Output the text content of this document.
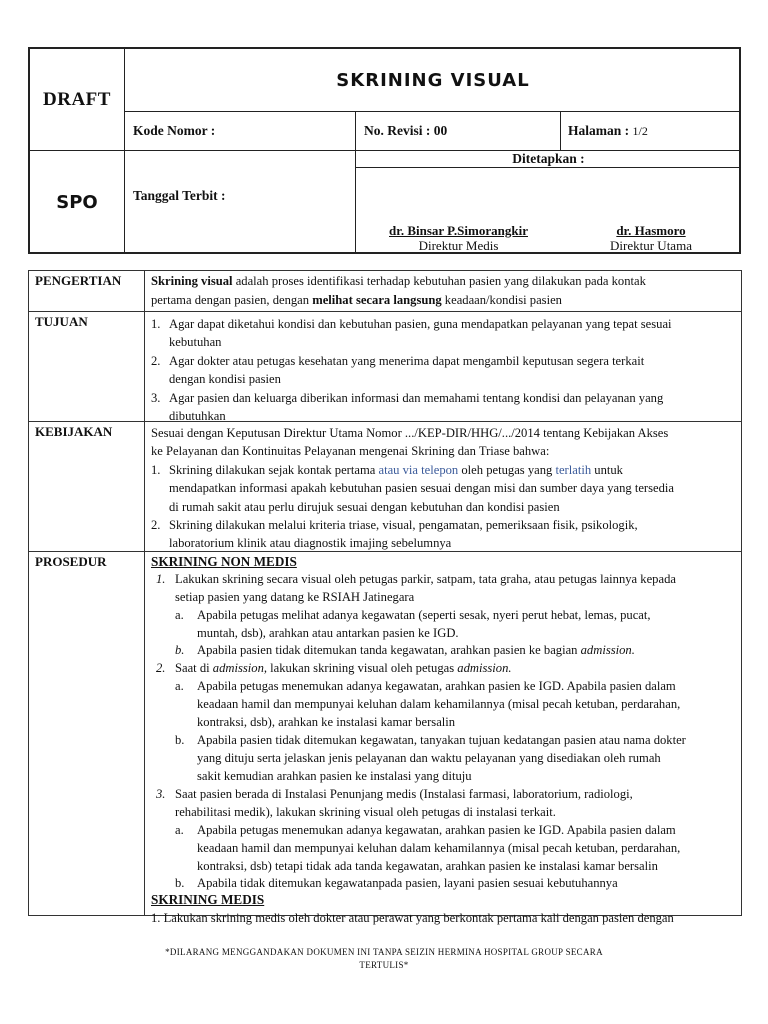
DRAFT
SPO
SKRINING VISUAL
Kode Nomor :	No. Revisi : 00	Halaman : 1/2
Ditetapkan :
Tanggal Terbit :
dr. Binsar P.Simorangkir
Direktur Medis
dr. Hasmoro
Direktur Utama
PENGERTIAN Skrining visual adalah proses identifikasi terhadap kebutuhan pasien yang dilakukan pada kontak
pertama dengan pasien, dengan melihat secara langsung keadaan/kondisi pasien
TUJUAN	1. Agar dapat diketahui kondisi dan kebutuhan pasien, guna mendapatkan pelayanan yang tepat sesuai
kebutuhan
2. Agar dokter atau petugas kesehatan yang menerima dapat mengambil keputusan segera terkait
dengan kondisi pasien
3. Agar pasien dan keluarga diberikan informasi dan memahami tentang kondisi dan pelayanan yang
dibutuhkan
KEBIJAKAN	Sesuai dengan Keputusan Direktur Utama Nomor .../KEP-DIR/HHG/.../2014 tentang Kebijakan Akses
ke Pelayanan dan Kontinuitas Pelayanan mengenai Skrining dan Triase bahwa:
1. Skrining dilakukan sejak kontak pertama atau via telepon oleh petugas yang terlatih untuk
mendapatkan informasi apakah kebutuhan pasien sesuai dengan misi dan sumber daya yang tersedia
di rumah sakit atau perlu dirujuk sesuai dengan kebutuhan dan kondisi pasien
2. Skrining dilakukan melalui kriteria triase, visual, pengamatan, pemeriksaan fisik, psikologik,
laboratorium klinik atau diagnostik imajing sebelumnya
PROSEDUR	SKRINING NON MEDIS
1. Lakukan skrining secara visual oleh petugas parkir, satpam, tata graha, atau petugas lainnya kepada
setiap pasien yang datang ke RSIAH Jatinegara
a. Apabila petugas melihat adanya kegawatan (seperti sesak, nyeri perut hebat, lemas, pucat,
muntah, dsb), arahkan atau antarkan pasien ke IGD.
b. Apabila pasien tidak ditemukan tanda kegawatan, arahkan pasien ke bagian admission.
2. Saat di admission, lakukan skrining visual oleh petugas admission.
a. Apabila petugas menemukan adanya kegawatan, arahkan pasien ke IGD. Apabila pasien dalam
keadaan hamil dan mempunyai keluhan dalam kehamilannya (misal pecah ketuban, perdarahan,
kontraksi, dsb), arahkan ke instalasi kamar bersalin
b. Apabila pasien tidak ditemukan kegawatan, tanyakan tujuan kedatangan pasien atau nama dokter
yang dituju serta jelaskan jenis pelayanan dan waktu pelayanan yang disediakan oleh rumah
sakit kemudian arahkan pasien ke instalasi yang dituju
3. Saat pasien berada di Instalasi Penunjang medis (Instalasi farmasi, laboratorium, radiologi,
rehabilitasi medik), lakukan skrining visual oleh petugas di instalasi terkait.
a. Apabila petugas menemukan adanya kegawatan, arahkan pasien ke IGD. Apabila pasien dalam
keadaan hamil dan mempunyai keluhan dalam kehamilannya (misal pecah ketuban, perdarahan,
kontraksi, dsb) tetapi tidak ada tanda kegawatan, arahkan pasien ke instalasi kamar bersalin
b. Apabila tidak ditemukan kegawatanpada pasien, layani pasien sesuai kebutuhannya
SKRINING MEDIS
1. Lakukan skrining medis oleh dokter atau perawat yang berkontak pertama kali dengan pasien dengan
*DILARANG MENGGANDAKAN DOKUMEN INI TANPA SEIZIN HERMINA HOSPITAL GROUP SECARA
TERTULIS*
